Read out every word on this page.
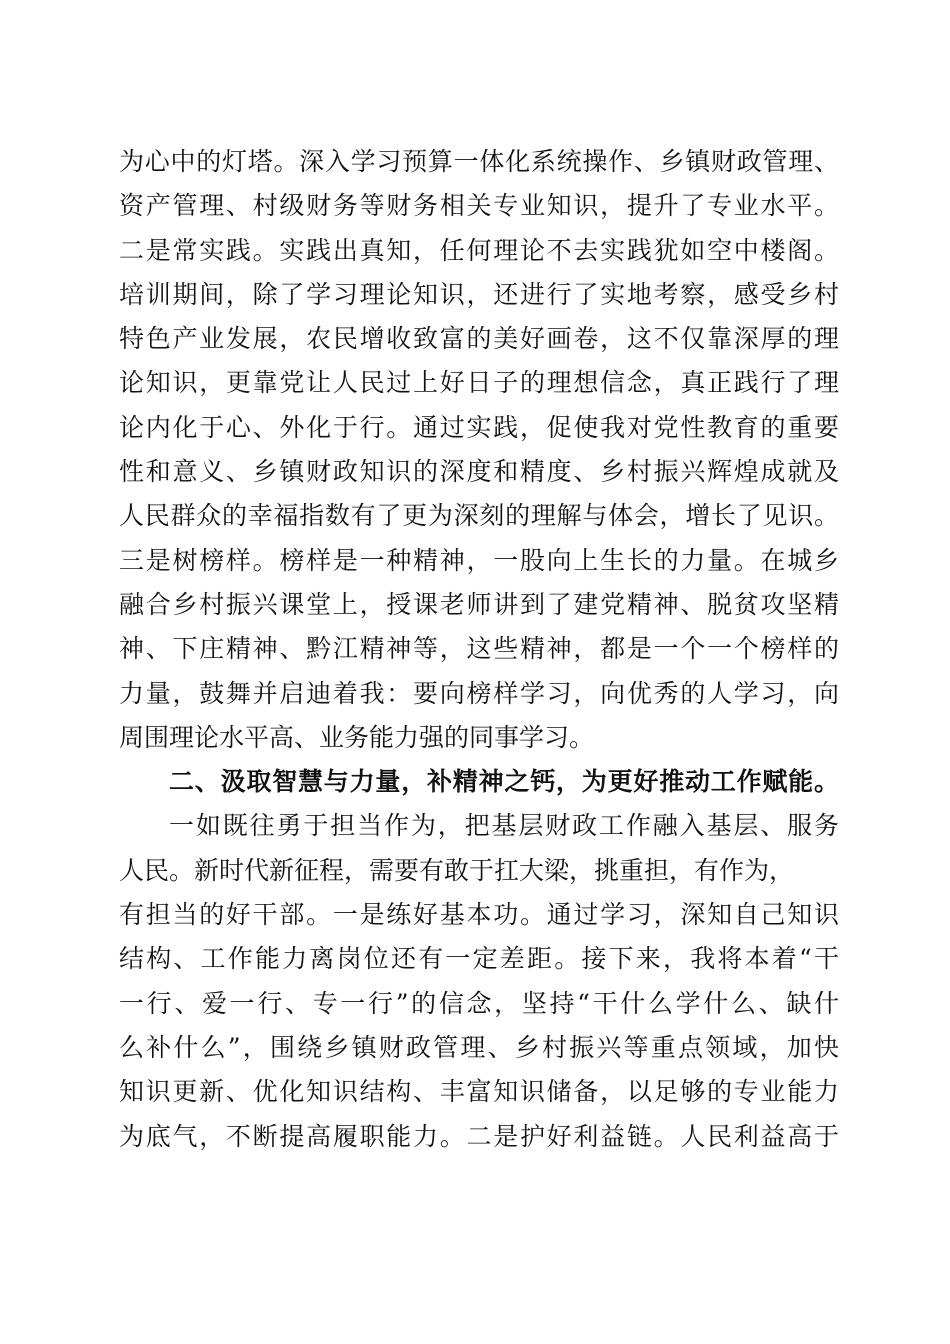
为心中的灯塔。深入学习预算一体化系统操作、乡镇财政管理、
资产管理、村级财务等财务相关专业知识，提升了专业水平。
二是常实践。实践出真知，任何理论不去实践犹如空中楼阁。
培训期间，除了学习理论知识，还进行了实地考察，感受乡村
特色产业发展，农民增收致富的美好画卷，这不仅靠深厚的理
论知识，更靠党让人民过上好日子的理想信念，真正践行了理
论内化于心、外化于行。通过实践，促使我对党性教育的重要
性和意义、乡镇财政知识的深度和精度、乡村振兴辉煌成就及
人民群众的幸福指数有了更为深刻的理解与体会，增长了见识。
三是树榜样。榜样是一种精神，一股向上生长的力量。在城乡
融合乡村振兴课堂上，授课老师讲到了建党精神、脱贫攻坚精
神、下庄精神、黔江精神等，这些精神，都是一个一个榜样的
力量，鼓舞并启迪着我：要向榜样学习，向优秀的人学习，向
周围理论水平高、业务能力强的同事学习。
二、汲取智慧与力量，补精神之钙，为更好推动工作赋能。
一如既往勇于担当作为，把基层财政工作融入基层、服务
人民。新时代新征程，需要有敢于扛大梁，挑重担，有作为，
有担当的好干部。一是练好基本功。通过学习，深知自己知识
结构、工作能力离岗位还有一定差距。接下来，我将本着“干
一行、爱一行、专一行”的信念，坚持“干什么学什么、缺什
么补什么”，围绕乡镇财政管理、乡村振兴等重点领域，加快
知识更新、优化知识结构、丰富知识储备，以足够的专业能力
为底气，不断提高履职能力。二是护好利益链。人民利益高于
